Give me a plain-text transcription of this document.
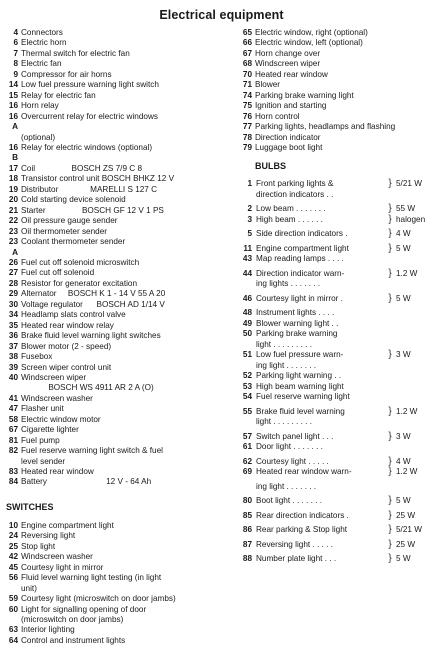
Electrical equipment
4 Connectors
6 Electric horn
7 Thermal switch for electric fan
8 Electric fan
9 Compressor for air horns
14 Low fuel pressure warning light switch
15 Relay for electric fan
16 Horn relay
16 A
Overcurrent relay for electric windows
(optional)
16 B
Relay for electric windows (optional)
17 Coil                BOSCH ZS 7/9 C 8
18 Transistor control unit BOSCH BHKZ 12 V
19 Distributor              MARELLI S 127 C
20 Cold starting device solenoid
21 Starter                BOSCH GF 12 V 1 PS
22 Oil pressure gauge sender
23 Oil thermometer sender
23 A
Coolant thermometer sender
26 Fuel cut off solenoid microswitch
27 Fuel cut off solenoid
28 Resistor for generator excitation
29 Alternator     BOSCH K 1 - 14 V 55 A 20
30 Voltage regulator      BOSCH AD 1/14 V
34 Headlamp slats control valve
35 Heated rear window relay
36 Brake fluid level warning light switches
37 Blower motor (2 - speed)
38 Fusebox
39 Screen wiper control unit
40 Windscreen wiper
BOSCH WS 4911 AR 2 A (O)
41 Windscreen washer
47 Flasher unit
58 Electric window motor
67 Cigarette lighter
81 Fuel pump
82 Fuel reserve warning light switch & fuel
level sender
83 Heated rear window
84 Battery                          12 V - 64 Ah
SWITCHES
10 Engine compartment light
24 Reversing light
25 Stop light
42 Windscreen washer
45 Courtesy light in mirror
56 Fluid level warning light testing (in light
unit)
59 Courtesy light (microswitch on door jambs)
60 Light for signalling opening of door
(microswitch on door jambs)
63 Interior lighting
64 Control and instrument lights
65 Electric window, right (optional)
66 Electric window, left (optional)
67 Horn change over
68 Windscreen wiper
70 Heated rear window
71 Blower
74 Parking brake warning light
75 Ignition and starting
76 Horn control
77 Parking lights, headlamps and flashing
78 Direction indicator
79 Luggage boot light
BULBS
1 Front parking lights &	} 5/21 W
direction indicators . .
2 Low beam . . . . . . .	} 55 W
3 High beam . . . . . .	} halogen
5 Side direction indicators .	} 4 W
11 Engine compartment light	} 5 W
43 Map reading lamps . . . .
44 Direction indicator warn-	} 1.2 W
ing lights . . . . . . .
46 Courtesy light in mirror .	} 5 W
48 Instrument lights . . . .
49 Blower warning light . .
50 Parking brake warning
light . . . . . . . . .
51 Low fuel pressure warn-	} 3 W
ing light . . . . . . .
52 Parking light warning . .
53 High beam warning light
54 Fuel reserve warning light
55 Brake fluid level warning	} 1.2 W
light . . . . . . . . .
57 Switch panel light . . .	} 3 W
61 Door light . . . . . . .
62 Courtesy light . . . . .	} 4 W
69 Heated rear window warn-	} 1.2 W
ing light . . . . . . .
80 Boot light . . . . . . .	} 5 W
85 Rear direction indicators .	} 25 W
86 Rear parking & Stop light	} 5/21 W
87 Reversing light . . . . .	} 25 W
88 Number plate light . . .	} 5 W
